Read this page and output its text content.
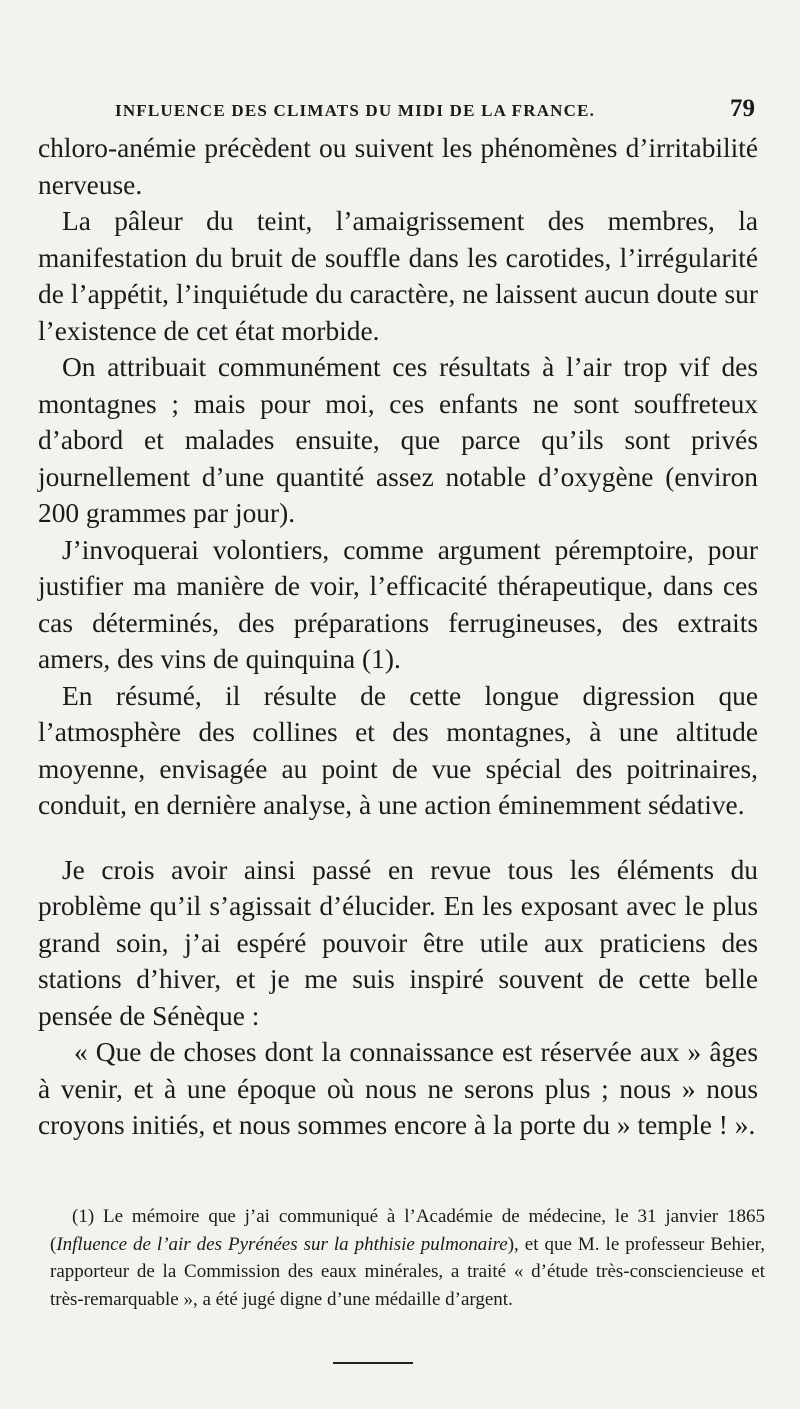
INFLUENCE DES CLIMATS DU MIDI DE LA FRANCE.	79

chloro-anémie précèdent ou suivent les phénomènes d’irritabilité nerveuse.

La pâleur du teint, l’amaigrissement des membres, la manifestation du bruit de souffle dans les carotides, l’irrégularité de l’appétit, l’inquiétude du caractère, ne laissent aucun doute sur l’existence de cet état morbide.

On attribuait communément ces résultats à l’air trop vif des montagnes ; mais pour moi, ces enfants ne sont souffreteux d’abord et malades ensuite, que parce qu’ils sont privés journellement d’une quantité assez notable d’oxygène (environ 200 grammes par jour).

J’invoquerai volontiers, comme argument péremptoire, pour justifier ma manière de voir, l’efficacité thérapeutique, dans ces cas déterminés, des préparations ferrugineuses, des extraits amers, des vins de quinquina (1).

En résumé, il résulte de cette longue digression que l’atmosphère des collines et des montagnes, à une altitude moyenne, envisagée au point de vue spécial des poitrinaires, conduit, en dernière analyse, à une action éminemment sédative.

Je crois avoir ainsi passé en revue tous les éléments du problème qu’il s’agissait d’élucider. En les exposant avec le plus grand soin, j’ai espéré pouvoir être utile aux praticiens des stations d’hiver, et je me suis inspiré souvent de cette belle pensée de Sénèque :

« Que de choses dont la connaissance est réservée aux » âges à venir, et à une époque où nous ne serons plus ; nous » nous croyons initiés, et nous sommes encore à la porte du » temple ! ».

(1) Le mémoire que j’ai communiqué à l’Académie de médecine, le 31 janvier 1865 (Influence de l’air des Pyrénées sur la phthisie pulmonaire), et que M. le professeur Behier, rapporteur de la Commission des eaux minérales, a traité « d’étude très-consciencieuse et très-remarquable », a été jugé digne d’une médaille d’argent.
